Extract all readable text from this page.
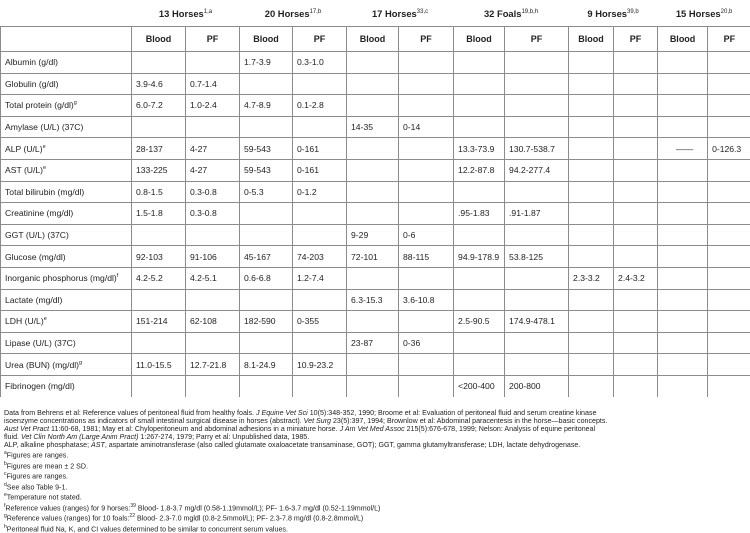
	13 Horses$^{1,a}$		20 Horses$^{17,b}$		17 Horses$^{33,c}$		32 Foals$^{19,b,h}$		9 Horses$^{39,b}$		15 Horses$^{20,b}$
	Blood	PF	Blood	PF	Blood	PF	Blood	PF	Blood	PF	Blood	PF
Albumin (g/dl)			1.7-3.9	0.3-1.0								
Globulin (g/dl)	3.9-4.6	0.7-1.4										
Total protein $(g/dl)^g$	6.0-7.2	1.0-2.4	4.7-8.9	0.1-2.8								
Amylase (U/L) (37C)					14-35	0-14						
ALP $(U/L)^e$	28-137	4-27	59-543	0-161			13.3-73.9	130.7-538.7			——	0-126.3
AST $(U/L)^e$	133-225	4-27	59-543	0-161			12.2-87.8	94.2-277.4				
Total bilirubin (mg/dl)	0.8-1.5	0.3-0.8	0-5.3	0-1.2								
Creatinine (mg/dl)	1.5-1.8	0.3-0.8					.95-1.83	.91-1.87				
GGT (U/L) (37C)					9-29	0-6						
Glucose (mg/dl)	92-103	91-106	45-167	74-203	72-101	88-115	94.9-178.9	53.8-125				
Inorganic phosphorus $(mg/dl)^f$	4.2-5.2	4.2-5.1	0.6-6.8	1.2-7.4					2.3-3.2	2.4-3.2		
Lactate (mg/dl)					6.3-15.3	3.6-10.8						
LDH $(U/L)^e$	151-214	62-108	182-590	0-355			2.5-90.5	174.9-478.1				
Lipase (U/L) (37C)					23-87	0-36						
Urea (BUN) $(mg/dl)^g$	11.0-15.5	12.7-21.8	8.1-24.9	10.9-23.2								
Fibrinogen (mg/dl)							<200-400	200-800				
Data from Behrens et al: Reference values of peritoneal fluid from healthy foals. J Equine Vet Sci 10(5):348-352, 1990; Broome et al: Evaluation of peritoneal fluid and serum creatine kinase
isoenzyme concentrations as indicators of small intestinal surgical disease in horses (abstract). Vet Surg 23(5):397, 1994; Brownlow et al: Abdominal paracentesis in the horse—basic concepts.
Aust Vet Pract 11:60-68, 1981; May et al: Chyloperitoneum and abdominal adhesions in a miniature horse. J Am Vet Med Assoc 215(5):676-678, 1999; Nelson: Analysis of equine peritoneal
fluid. Vet Clin North Am (Large Anim Pract) 1:267-274, 1979; Parry et al: Unpublished data, 1985.
ALP, alkaline phosphatase; AST, aspartate aminotransferase (also called glutamate oxaloacetate transaminase, GOT); GGT, gamma glutamyltransferase; LDH, lactate dehydrogenase.
$^a$Figures are ranges.
$^b$Figures are mean ± 2 SD.
$^c$Figures are ranges.
$^d$See also Table 9-1.
$^e$Temperature not stated.
$^f$Reference values (ranges) for 9 horses:$^{39}$ Blood- 1.8-3.7 mg/dl (0.58-1.19mmol/L); PF- 1.6-3.7 mg/dl (0.52-1.19mmol/L)
$^g$Reference values (ranges) for 10 foals:$^{22}$ Blood- 2.3-7.0 mgldl (0.8-2.5mmol/L); PF- 2.3-7.8 mg/dl (0.8-2.8mmol/L)
$^h$Peritoneal fluid Na, K, and CI values determined to be similar to concurrent serum values.
